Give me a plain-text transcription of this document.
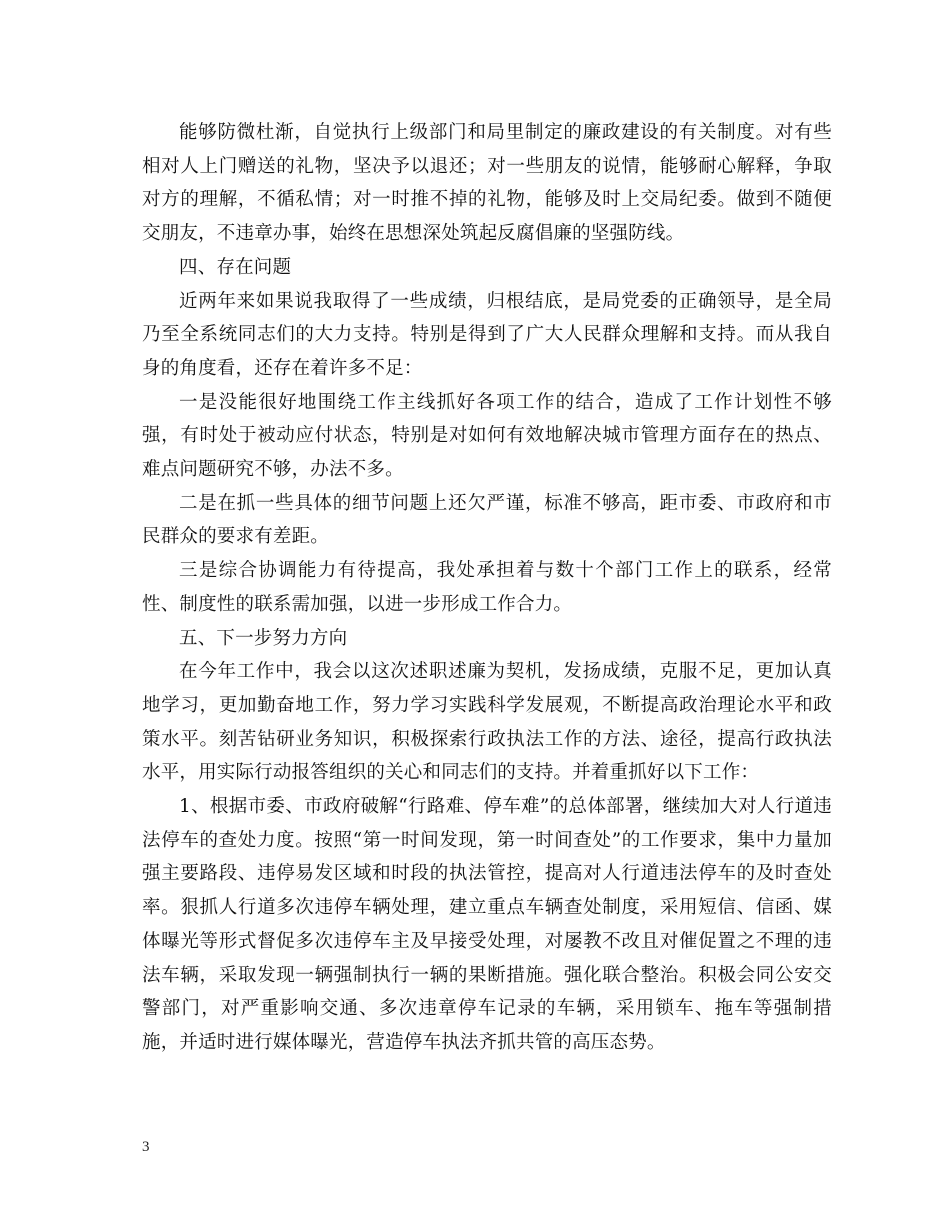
能够防微杜渐，自觉执行上级部门和局里制定的廉政建设的有关制度。对有些相对人上门赠送的礼物，坚决予以退还；对一些朋友的说情，能够耐心解释，争取对方的理解，不循私情；对一时推不掉的礼物，能够及时上交局纪委。做到不随便交朋友，不违章办事，始终在思想深处筑起反腐倡廉的坚强防线。

四、存在问题

近两年来如果说我取得了一些成绩，归根结底，是局党委的正确领导，是全局乃至全系统同志们的大力支持。特别是得到了广大人民群众理解和支持。而从我自身的角度看，还存在着许多不足：

一是没能很好地围绕工作主线抓好各项工作的结合，造成了工作计划性不够强，有时处于被动应付状态，特别是对如何有效地解决城市管理方面存在的热点、难点问题研究不够，办法不多。

二是在抓一些具体的细节问题上还欠严谨，标准不够高，距市委、市政府和市民群众的要求有差距。

三是综合协调能力有待提高，我处承担着与数十个部门工作上的联系，经常性、制度性的联系需加强，以进一步形成工作合力。

五、下一步努力方向

在今年工作中，我会以这次述职述廉为契机，发扬成绩，克服不足，更加认真地学习，更加勤奋地工作，努力学习实践科学发展观，不断提高政治理论水平和政策水平。刻苦钻研业务知识，积极探索行政执法工作的方法、途径，提高行政执法水平，用实际行动报答组织的关心和同志们的支持。并着重抓好以下工作：

1、根据市委、市政府破解“行路难、停车难”的总体部署，继续加大对人行道违法停车的查处力度。按照“第一时间发现，第一时间查处”的工作要求，集中力量加强主要路段、违停易发区域和时段的执法管控，提高对人行道违法停车的及时查处率。狠抓人行道多次违停车辆处理，建立重点车辆查处制度，采用短信、信函、媒体曝光等形式督促多次违停车主及早接受处理，对屡教不改且对催促置之不理的违法车辆，采取发现一辆强制执行一辆的果断措施。强化联合整治。积极会同公安交警部门，对严重影响交通、多次违章停车记录的车辆，采用锁车、拖车等强制措施，并适时进行媒体曝光，营造停车执法齐抓共管的高压态势。

3
